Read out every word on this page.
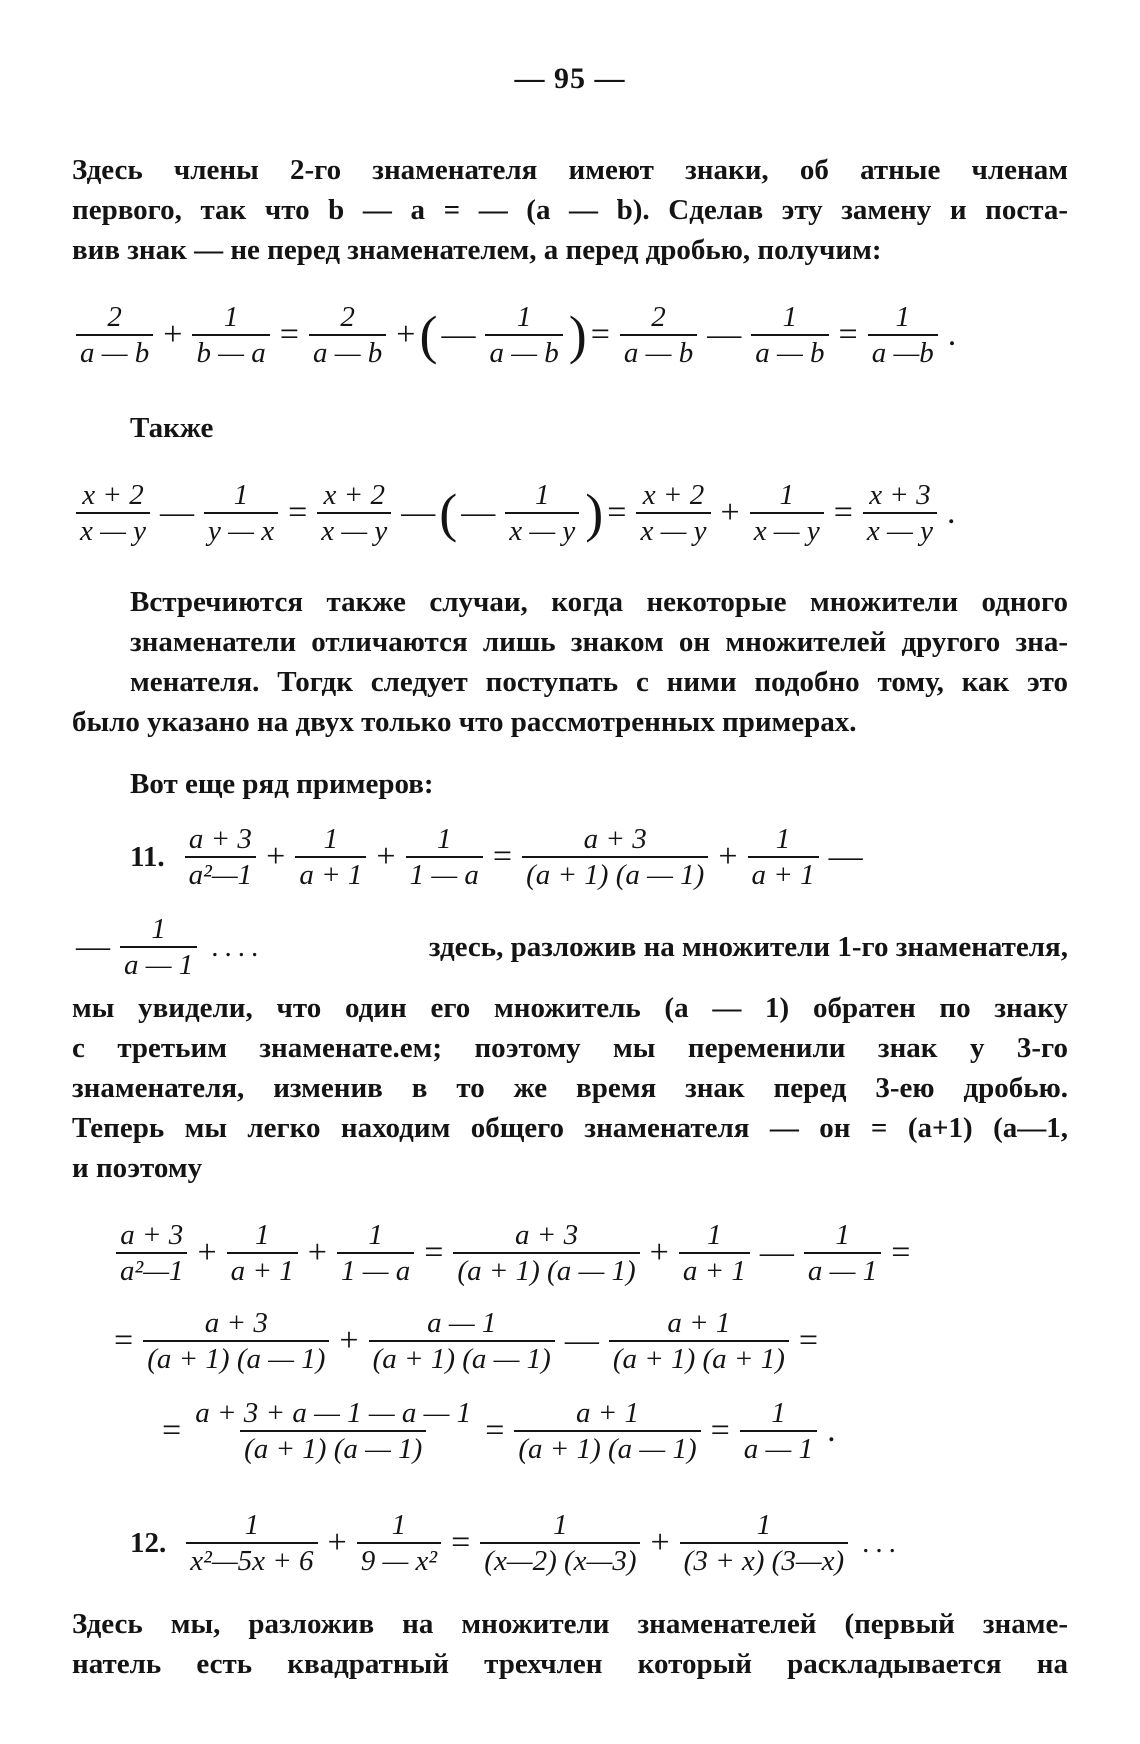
— 95 —
Здесь члены 2-го знаменателя имеют знаки, об атные членам
первого, так что b — a = — (a — b). Сделав эту замену и поста-
вив знак — не перед знаменателем, а перед дробью, получим:
$\frac{2}{a — b} + \frac{1}{b — a} = \frac{2}{a — b}$ + ( — $\frac{1}{a — b}$ ) = $\frac{2}{a — b}$ — $\frac{1}{a — b} = \frac{1}{a —b}$ .
Также
$\frac{x + 2}{x — y}$ — $\frac{1}{y — x} = \frac{x + 2}{x — y}$ — ( — $\frac{1}{x — y}$ ) = $\frac{x + 2}{x — y} + \frac{1}{x — y} = \frac{x + 3}{x — y}$ .
Встречиются также случаи, когда некоторые множители одного
знаменатели отличаются лишь знаком он множителей другого зна-
менателя. Тогдк следует поступать с ними подобно тому, как это
было указано на двух только что рассмотренных примерах.
Вот еще ряд примеров:
11. $\frac{a + 3}{\text{a²—1}} + \frac{1}{a + 1} + \frac{1}{1 — a} = \frac{a + 3}{(a + 1) (a — 1)} + \frac{1}{a + 1}$ —
— $\frac{1}{a — 1}$ ....	здесь, разложив на множители 1-го знаменателя,
мы увидели, что один его множитель (a — 1) обратен по знаку
с третьим знаменате.ем; поэтому мы переменили знак у 3-го
знаменателя, изменив в то же время знак перед 3-ею дробью.
Теперь мы легко находим общего знаменателя — он = (a+1) (a—1,
и поэтому
$\frac{a + 3}{\text{a²—1}} + \frac{1}{a + 1} + \frac{1}{1 — a} = \frac{a + 3}{(a + 1) (a — 1)} + \frac{1}{a + 1}$ — $\frac{1}{a — 1}$ =
= $\frac{a + 3}{(a + 1) (a — 1)} + \frac{a — 1}{(a + 1) (a — 1)}$ — $\frac{a + 1}{(a + 1) (a + 1)}$ =
= $\frac{a + 3 + a — 1 — a — 1}{(a + 1) (a — 1)} = \frac{a + 1}{(a + 1) (a — 1)} = \frac{1}{a — 1}$ .
12. $\frac{1}{\text{x²—5x + 6}} + \frac{1}{\text{9 — x²}} = \frac{1}{(x—2) (x—3)} + \frac{1}{(3 + x) (3—x)}$ ...
Здесь мы, разложив на множители знаменателей (первый знаме-
натель есть квадратный трехчлен который раскладывается на
